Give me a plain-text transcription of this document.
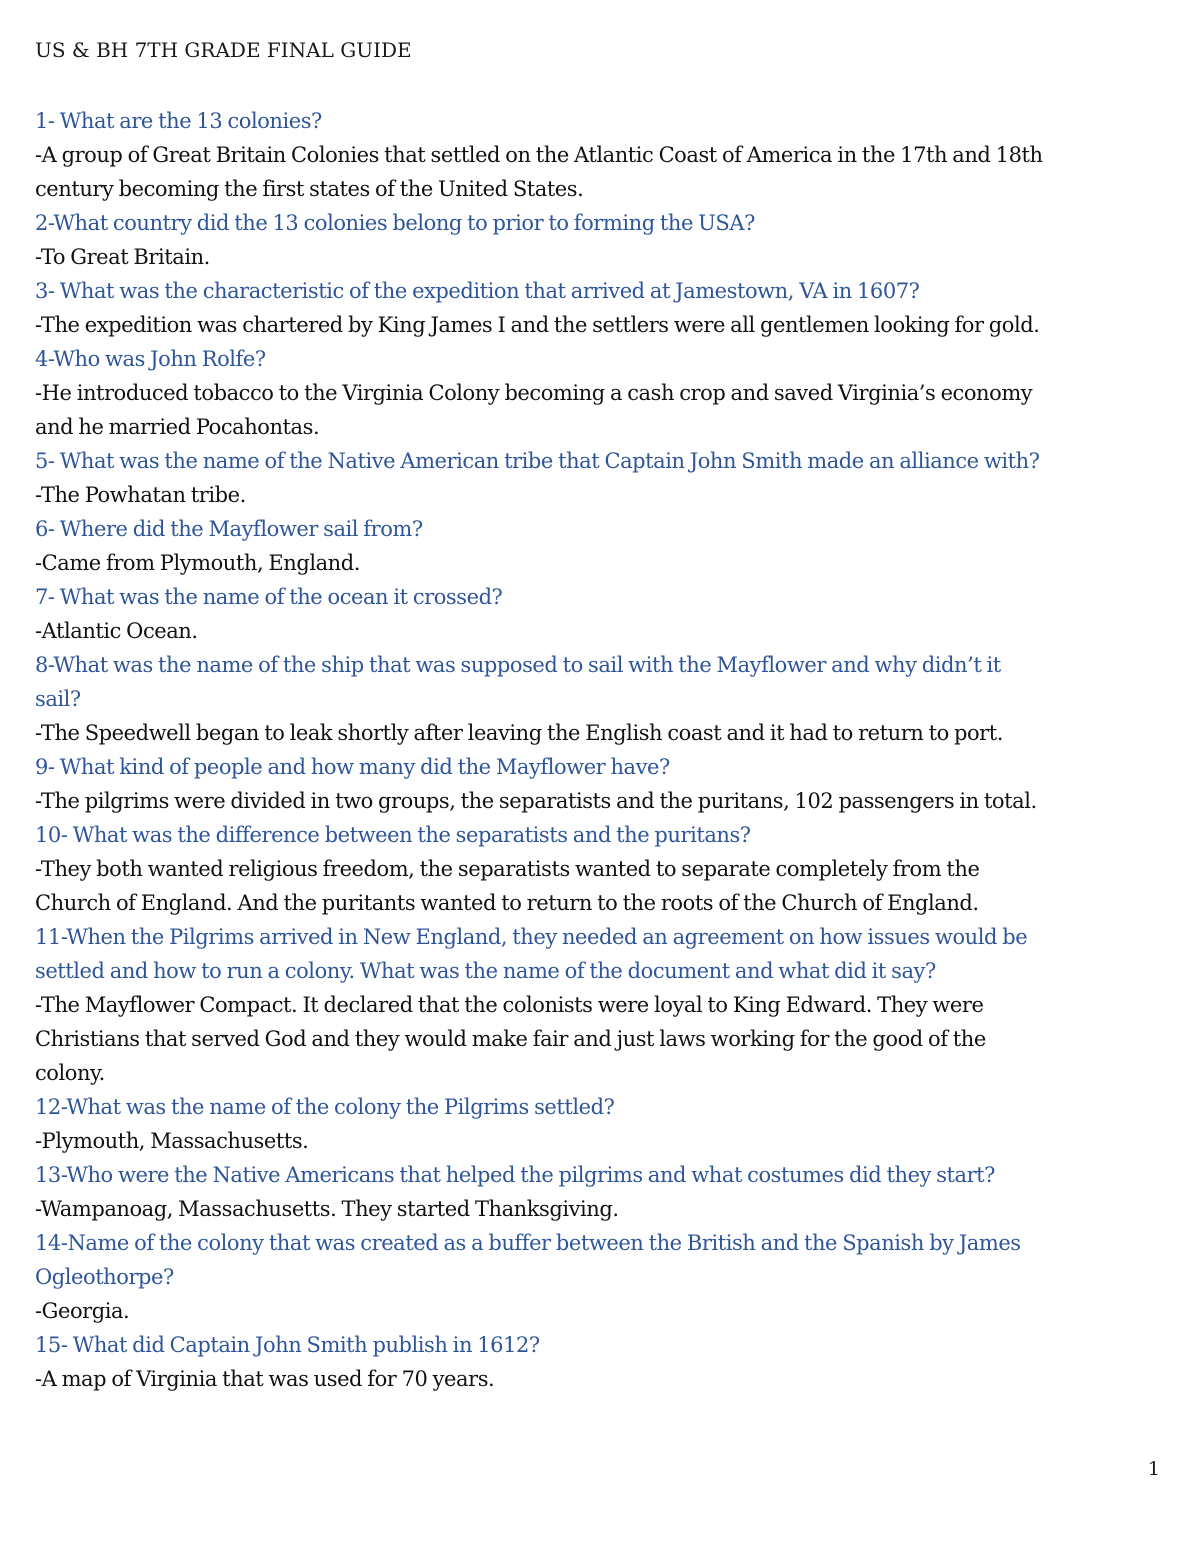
US & BH 7TH GRADE FINAL GUIDE
1- What are the 13 colonies?
-A group of Great Britain Colonies that settled on the Atlantic Coast of America in the 17th and 18th
century becoming the first states of the United States.
2-What country did the 13 colonies belong to prior to forming the USA?
-To Great Britain.
3- What was the characteristic of the expedition that arrived at Jamestown, VA in 1607?
-The expedition was chartered by King James I and the settlers were all gentlemen looking for gold.
4-Who was John Rolfe?
-He introduced tobacco to the Virginia Colony becoming a cash crop and saved Virginia’s economy
and he married Pocahontas.
5- What was the name of the Native American tribe that Captain John Smith made an alliance with?
-The Powhatan tribe.
6- Where did the Mayflower sail from?
-Came from Plymouth, England.
7- What was the name of the ocean it crossed?
-Atlantic Ocean.
8-What was the name of the ship that was supposed to sail with the Mayflower and why didn’t it
sail?
-The Speedwell began to leak shortly after leaving the English coast and it had to return to port.
9- What kind of people and how many did the Mayflower have?
-The pilgrims were divided in two groups, the separatists and the puritans, 102 passengers in total.
10- What was the difference between the separatists and the puritans?
-They both wanted religious freedom, the separatists wanted to separate completely from the
Church of England. And the puritants wanted to return to the roots of the Church of England.
11-When the Pilgrims arrived in New England, they needed an agreement on how issues would be
settled and how to run a colony. What was the name of the document and what did it say?
-The Mayflower Compact. It declared that the colonists were loyal to King Edward. They were
Christians that served God and they would make fair and just laws working for the good of the
colony.
12-What was the name of the colony the Pilgrims settled?
-Plymouth, Massachusetts.
13-Who were the Native Americans that helped the pilgrims and what costumes did they start?
-Wampanoag, Massachusetts. They started Thanksgiving.
14-Name of the colony that was created as a buffer between the British and the Spanish by James
Ogleothorpe?
-Georgia.
15- What did Captain John Smith publish in 1612?
-A map of Virginia that was used for 70 years.
1
